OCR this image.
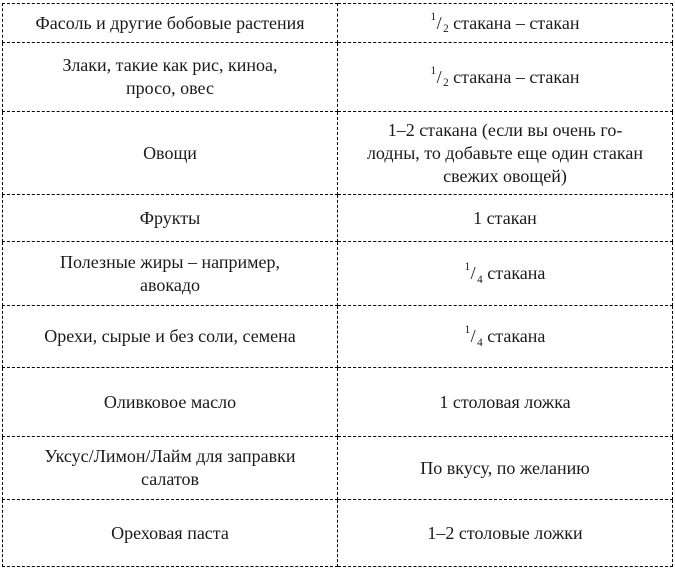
Фасоль и другие бобовые растения	$^1$/ $_2$ стакана – стакан
Злаки, такие как рис, киноа,
просо, овес	$^1$/ $_2$ стакана – стакан
Овощи	1–2 стакана (если вы очень го-
лодны, то добавьте еще один стакан
свежих овощей)
Фрукты	1 стакан
Полезные жиры – например,
авокадо	$^1$/ $_4$ стакана
Орехи, сырые и без соли, семена	$^1$/ $_4$ стакана
Оливковое масло	1 столовая ложка
Уксус/Лимон/Лайм для заправки
салатов	По вкусу, по желанию
Ореховая паста	1–2 столовые ложки
